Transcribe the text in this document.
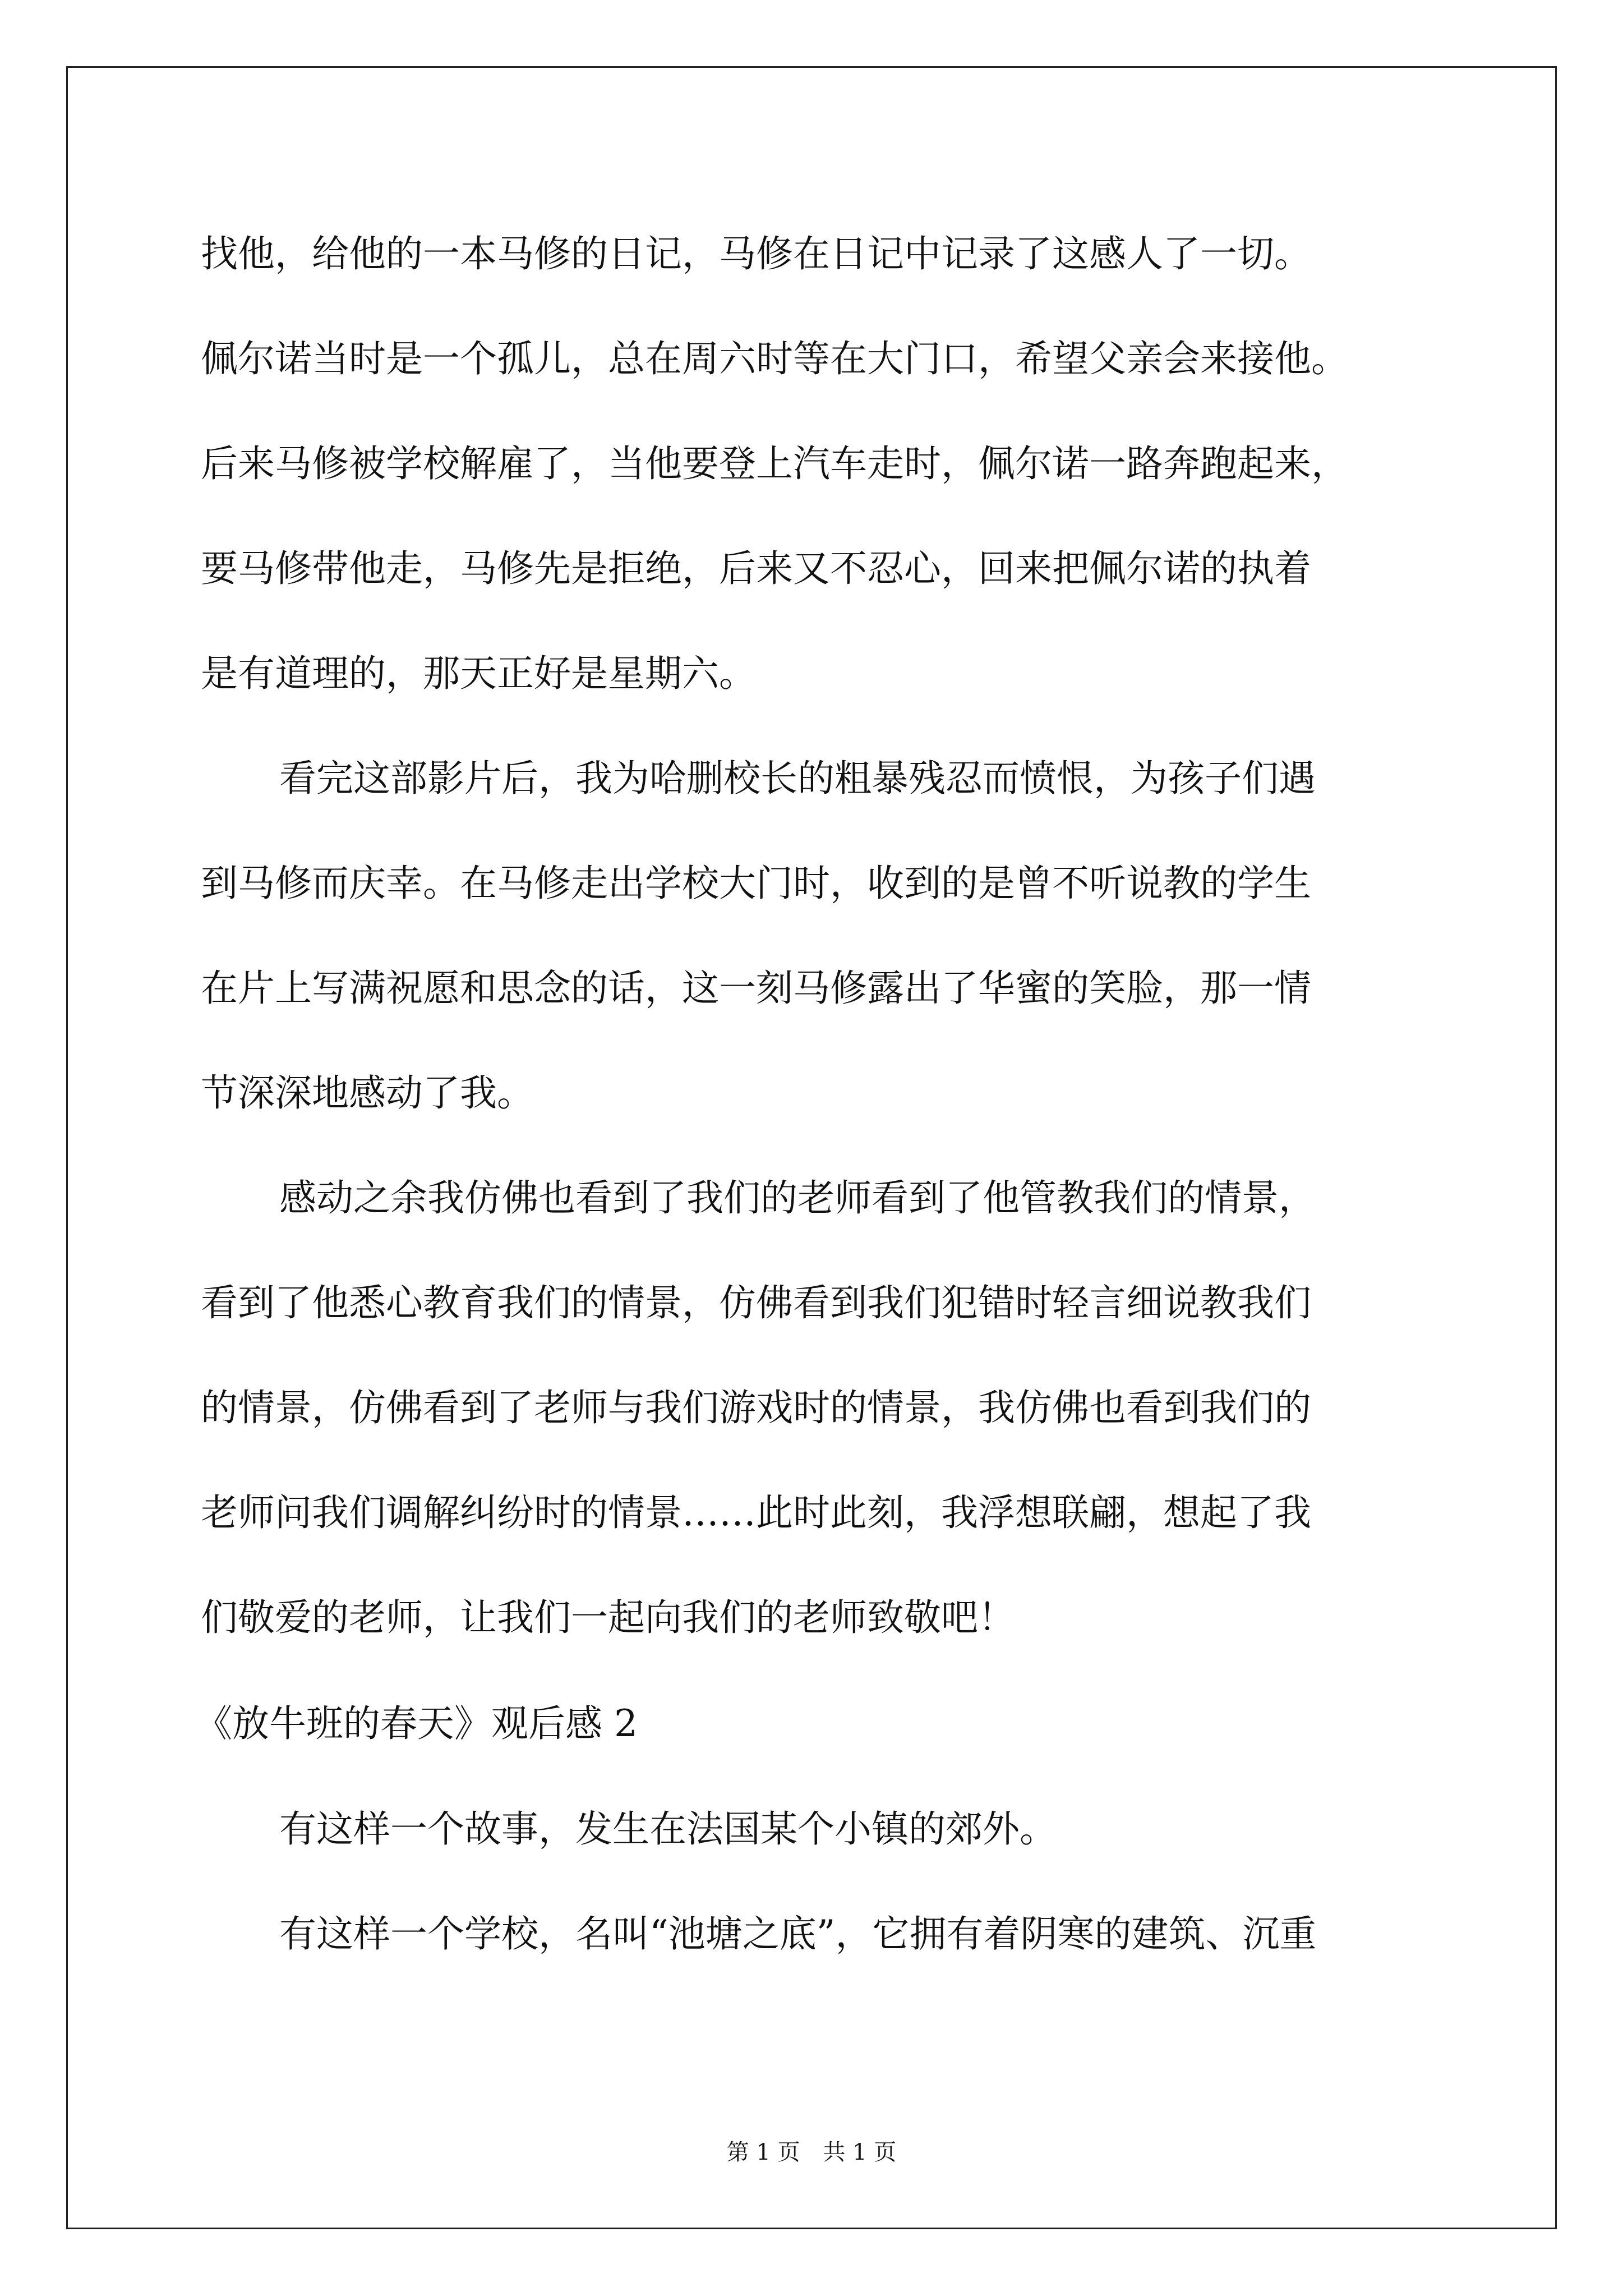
找他，给他的一本马修的日记，马修在日记中记录了这感人了一切。
佩尔诺当时是一个孤儿，总在周六时等在大门口，希望父亲会来接他。
后来马修被学校解雇了，当他要登上汽车走时，佩尔诺一路奔跑起来，
要马修带他走，马修先是拒绝，后来又不忍心，回来把佩尔诺的执着
是有道理的，那天正好是星期六。
看完这部影片后，我为哈删校长的粗暴残忍而愤恨，为孩子们遇
到马修而庆幸。在马修走出学校大门时，收到的是曾不听说教的学生
在片上写满祝愿和思念的话，这一刻马修露出了华蜜的笑脸，那一情
节深深地感动了我。
感动之余我仿佛也看到了我们的老师看到了他管教我们的情景，
看到了他悉心教育我们的情景，仿佛看到我们犯错时轻言细说教我们
的情景，仿佛看到了老师与我们游戏时的情景，我仿佛也看到我们的
老师问我们调解纠纷时的情景……此时此刻，我浮想联翩，想起了我
们敬爱的老师，让我们一起向我们的老师致敬吧！
《放牛班的春天》观后感 2
有这样一个故事，发生在法国某个小镇的郊外。
有这样一个学校，名叫“池塘之底”，它拥有着阴寒的建筑、沉重
第 1 页 共 1 页
